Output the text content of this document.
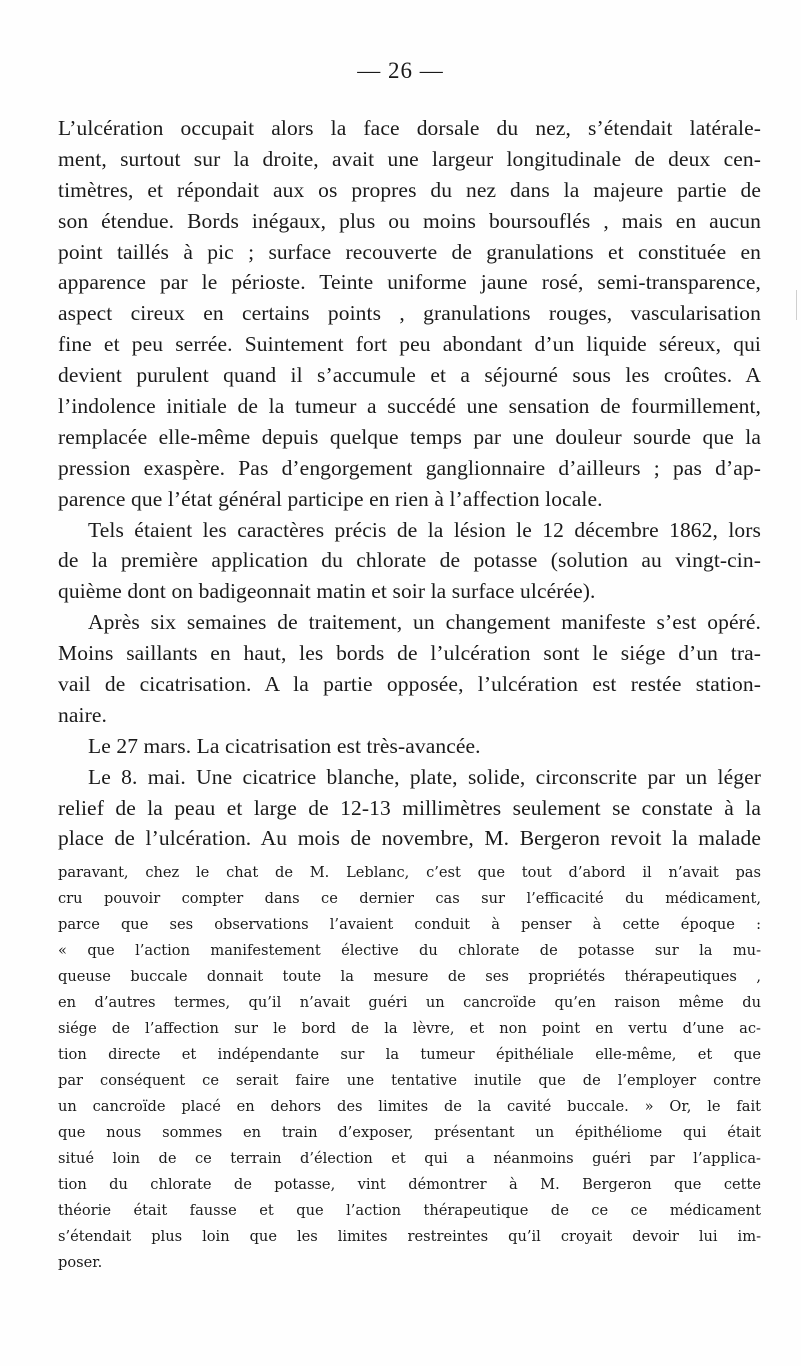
— 26 —
L’ulcération occupait alors la face dorsale du nez, s’étendait latérale-
ment, surtout sur la droite, avait une largeur longitudinale de deux cen-
timètres, et répondait aux os propres du nez dans la majeure partie de
son étendue. Bords inégaux, plus ou moins boursouflés , mais en aucun
point taillés à pic ; surface recouverte de granulations et constituée en
apparence par le périoste. Teinte uniforme jaune rosé, semi-transparence,
aspect cireux en certains points , granulations rouges, vascularisation
fine et peu serrée. Suintement fort peu abondant d’un liquide séreux, qui
devient purulent quand il s’accumule et a séjourné sous les croûtes. A
l’indolence initiale de la tumeur a succédé une sensation de fourmillement,
remplacée elle-même depuis quelque temps par une douleur sourde que la
pression exaspère. Pas d’engorgement ganglionnaire d’ailleurs ; pas d’ap-
parence que l’état général participe en rien à l’affection locale.
Tels étaient les caractères précis de la lésion le 12 décembre 1862, lors
de la première application du chlorate de potasse (solution au vingt-cin-
quième dont on badigeonnait matin et soir la surface ulcérée).
Après six semaines de traitement, un changement manifeste s’est opéré.
Moins saillants en haut, les bords de l’ulcération sont le siége d’un tra-
vail de cicatrisation. A la partie opposée, l’ulcération est restée station-
naire.
Le 27 mars. La cicatrisation est très-avancée.
Le 8. mai. Une cicatrice blanche, plate, solide, circonscrite par un léger
relief de la peau et large de 12-13 millimètres seulement se constate à la
place de l’ulcération. Au mois de novembre, M. Bergeron revoit la malade
paravant, chez le chat de M. Leblanc, c’est que tout d’abord il n’avait pas
cru pouvoir compter dans ce dernier cas sur l’efficacité du médicament,
parce que ses observations l’avaient conduit à penser à cette époque :
« que l’action manifestement élective du chlorate de potasse sur la mu-
queuse buccale donnait toute la mesure de ses propriétés thérapeutiques ,
en d’autres termes, qu’il n’avait guéri un cancroïde qu’en raison même du
siége de l’affection sur le bord de la lèvre, et non point en vertu d’une ac-
tion directe et indépendante sur la tumeur épithéliale elle-même, et que
par conséquent ce serait faire une tentative inutile que de l’employer contre
un cancroïde placé en dehors des limites de la cavité buccale. » Or, le fait
que nous sommes en train d’exposer, présentant un épithéliome qui était
situé loin de ce terrain d’élection et qui a néanmoins guéri par l’applica-
tion du chlorate de potasse, vint démontrer à M. Bergeron que cette
théorie était fausse et que l’action thérapeutique de ce ce médicament
s’étendait plus loin que les limites restreintes qu’il croyait devoir lui im-
poser.
